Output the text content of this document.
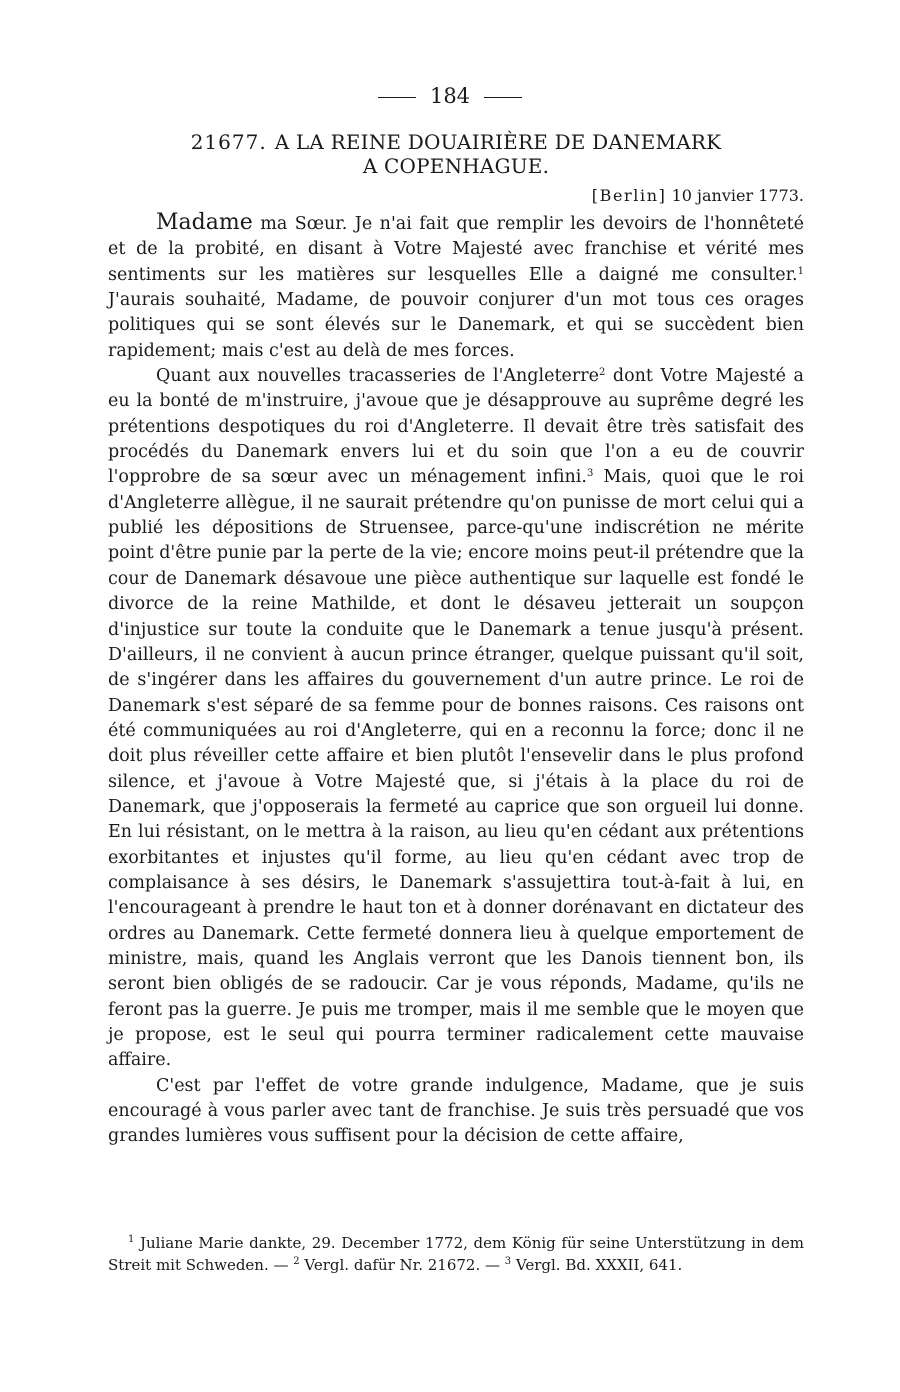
184
21677. A LA REINE DOUAIRIÈRE DE DANEMARK
A COPENHAGUE.
[Berlin] 10 janvier 1773.

Madame ma Sœur. Je n'ai fait que remplir les devoirs de l'honnêteté et de la probité, en disant à Votre Majesté avec franchise et vérité mes sentiments sur les matières sur lesquelles Elle a daigné me consulter.$^1$ J'aurais souhaité, Madame, de pouvoir conjurer d'un mot tous ces orages politiques qui se sont élevés sur le Danemark, et qui se succèdent bien rapidement; mais c'est au delà de mes forces.

Quant aux nouvelles tracasseries de l'Angleterre$^2$ dont Votre Majesté a eu la bonté de m'instruire, j'avoue que je désapprouve au suprême degré les prétentions despotiques du roi d'Angleterre. Il devait être très satisfait des procédés du Danemark envers lui et du soin que l'on a eu de couvrir l'opprobre de sa sœur avec un ménagement infini.$^3$ Mais, quoi que le roi d'Angleterre allègue, il ne saurait prétendre qu'on punisse de mort celui qui a publié les dépositions de Struensee, parce-qu'une indiscrétion ne mérite point d'être punie par la perte de la vie; encore moins peut-il prétendre que la cour de Danemark désavoue une pièce authentique sur laquelle est fondé le divorce de la reine Mathilde, et dont le désaveu jetterait un soupçon d'injustice sur toute la conduite que le Danemark a tenue jusqu'à présent. D'ailleurs, il ne convient à aucun prince étranger, quelque puissant qu'il soit, de s'ingérer dans les affaires du gouvernement d'un autre prince. Le roi de Danemark s'est séparé de sa femme pour de bonnes raisons. Ces raisons ont été communiquées au roi d'Angleterre, qui en a reconnu la force; donc il ne doit plus réveiller cette affaire et bien plutôt l'ensevelir dans le plus profond silence, et j'avoue à Votre Majesté que, si j'étais à la place du roi de Danemark, que j'opposerais la fermeté au caprice que son orgueil lui donne. En lui résistant, on le mettra à la raison, au lieu qu'en cédant aux prétentions exorbitantes et injustes qu'il forme, au lieu qu'en cédant avec trop de complaisance à ses désirs, le Danemark s'assujettira tout-à-fait à lui, en l'encourageant à prendre le haut ton et à donner dorénavant en dictateur des ordres au Danemark. Cette fermeté donnera lieu à quelque emportement de ministre, mais, quand les Anglais verront que les Danois tiennent bon, ils seront bien obligés de se radoucir. Car je vous réponds, Madame, qu'ils ne feront pas la guerre. Je puis me tromper, mais il me semble que le moyen que je propose, est le seul qui pourra terminer radicalement cette mauvaise affaire.

C'est par l'effet de votre grande indulgence, Madame, que je suis encouragé à vous parler avec tant de franchise. Je suis très persuadé que vos grandes lumières vous suffisent pour la décision de cette affaire,

$^1$ Juliane Marie dankte, 29. December 1772, dem König für seine Unterstützung in dem Streit mit Schweden. — $^2$ Vergl. dafür Nr. 21672. — $^3$ Vergl. Bd. XXXII, 641.
